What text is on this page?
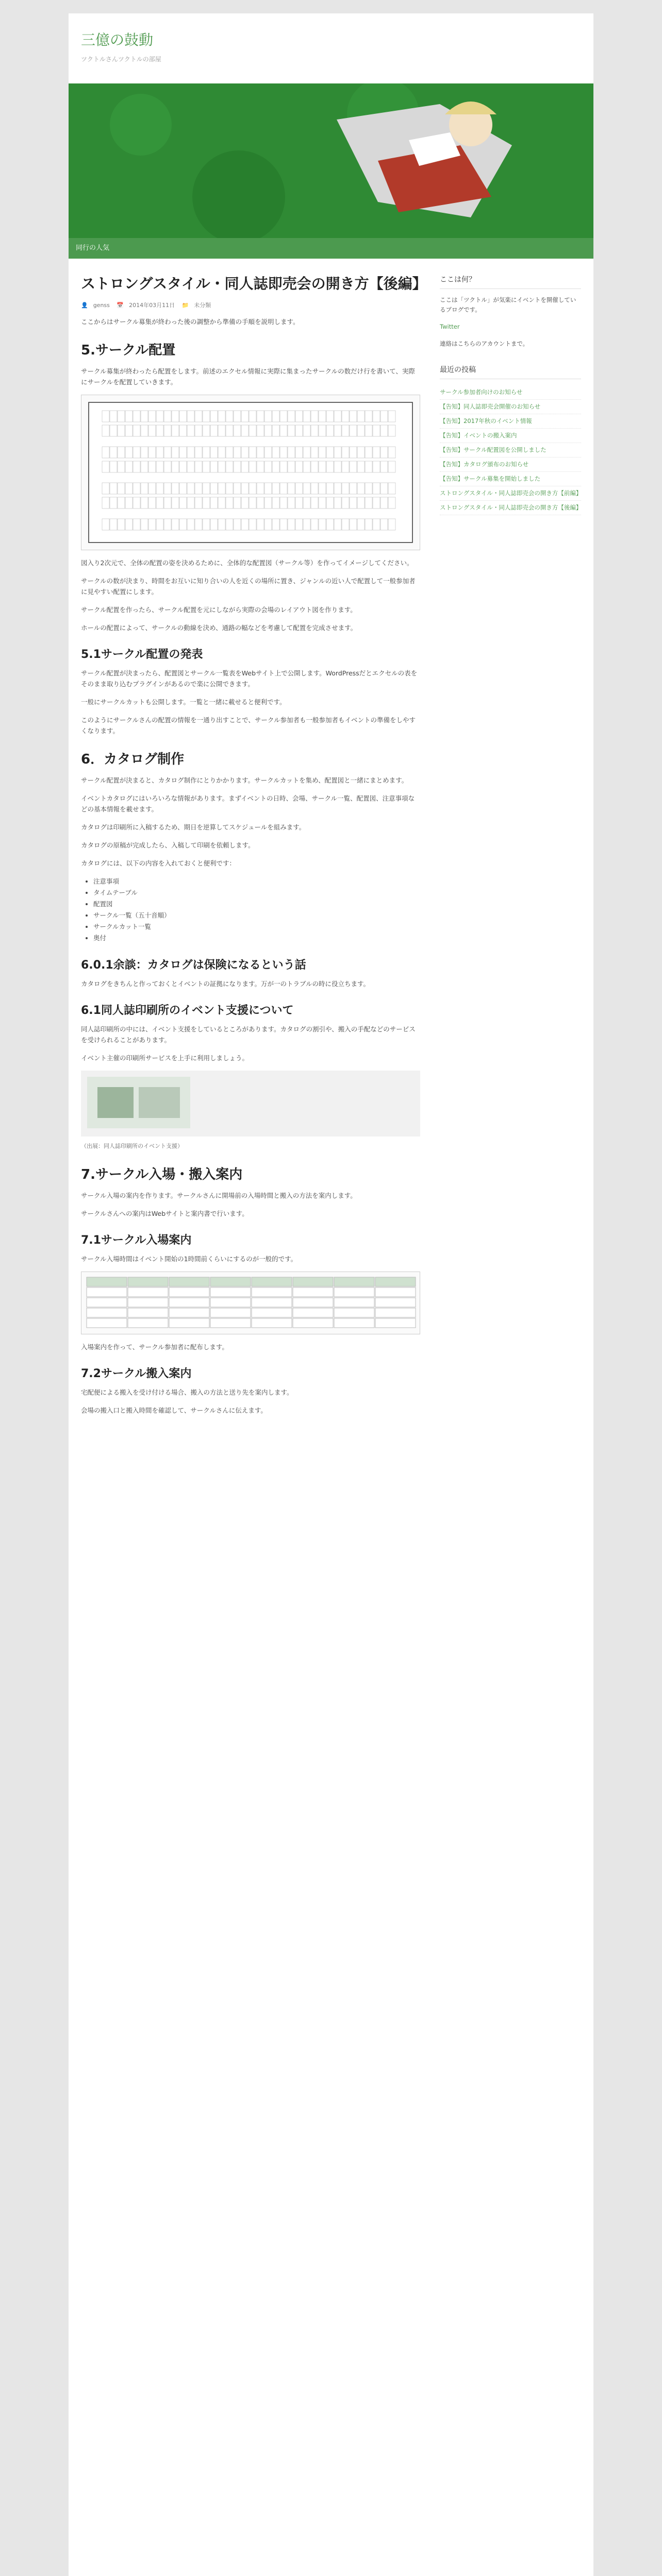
三億の鼓動
ツクトルさんツクトルの部屋
同行の人気
ストロングスタイル・同人誌即売会の開き方【後編】
👤 genss 📅 2014年03月11日 📁 未分類

ここからはサークル募集が終わった後の調整から準備の手順を説明します。

5.サークル配置

サークル募集が終わったら配置をします。前述のエクセル情報に実際に集まったサークルの数だけ行を書いて、実際にサークルを配置していきます。

図入り2次元で、全体の配置の姿を決めるために、全体的な配置図（サークル等）を作ってイメージしてください。

サークルの数が決まり、時間をお互いに知り合いの人を近くの場所に置き、ジャンルの近い人で配置して一般参加者に見やすい配置にします。

サークル配置を作ったら、サークル配置を元にしながら実際の会場のレイアウト図を作ります。

ホールの配置によって、サークルの動線を決め、通路の幅などを考慮して配置を完成させます。

5.1サークル配置の発表

サークル配置が決まったら、配置図とサークル一覧表をWebサイト上で公開します。WordPressだとエクセルの表をそのまま取り込むプラグインがあるので楽に公開できます。

一般にサークルカットも公開します。一覧と一緒に載せると便利です。

このようにサークルさんの配置の情報を一通り出すことで、サークル参加者も一般参加者もイベントの準備をしやすくなります。

6．カタログ制作

サークル配置が決まると、カタログ制作にとりかかります。サークルカットを集め、配置図と一緒にまとめます。

イベントカタログにはいろいろな情報があります。まずイベントの日時、会場、サークル一覧、配置図、注意事項などの基本情報を載せます。

カタログは印刷所に入稿するため、期日を逆算してスケジュールを組みます。

カタログの原稿が完成したら、入稿して印刷を依頼します。

カタログには、以下の内容を入れておくと便利です：

• 注意事項
• タイムテーブル
• 配置図
• サークル一覧（五十音順）
• サークルカット一覧
• 奥付
6.0.1余談：カタログは保険になるという話

カタログをきちんと作っておくとイベントの証拠になります。万が一のトラブルの時に役立ちます。

6.1同人誌印刷所のイベント支援について

同人誌印刷所の中には、イベント支援をしているところがあります。カタログの割引や、搬入の手配などのサービスを受けられることがあります。

イベント主催の印刷所サービスを上手に利用しましょう。

（出展：同人誌印刷所のイベント支援）

7.サークル入場・搬入案内

サークル入場の案内を作ります。サークルさんに開場前の入場時間と搬入の方法を案内します。

サークルさんへの案内はWebサイトと案内書で行います。

7.1サークル入場案内

サークル入場時間はイベント開始の1時間前くらいにするのが一般的です。

入場案内を作って、サークル参加者に配布します。

7.2サークル搬入案内

宅配便による搬入を受け付ける場合、搬入の方法と送り先を案内します。

会場の搬入口と搬入時間を確認して、サークルさんに伝えます。

ここは何？

ここは「ツクトル」が気楽にイベントを開催しているブログです。

Twitter

連絡はこちらのアカウントまで。

最近の投稿
サークル参加者向けのお知らせ
【告知】同人誌即売会開催のお知らせ
【告知】2017年秋のイベント情報
【告知】イベントの搬入案内
【告知】サークル配置図を公開しました
【告知】カタログ頒布のお知らせ
【告知】サークル募集を開始しました
ストロングスタイル・同人誌即売会の開き方【前編】
ストロングスタイル・同人誌即売会の開き方【後編】
